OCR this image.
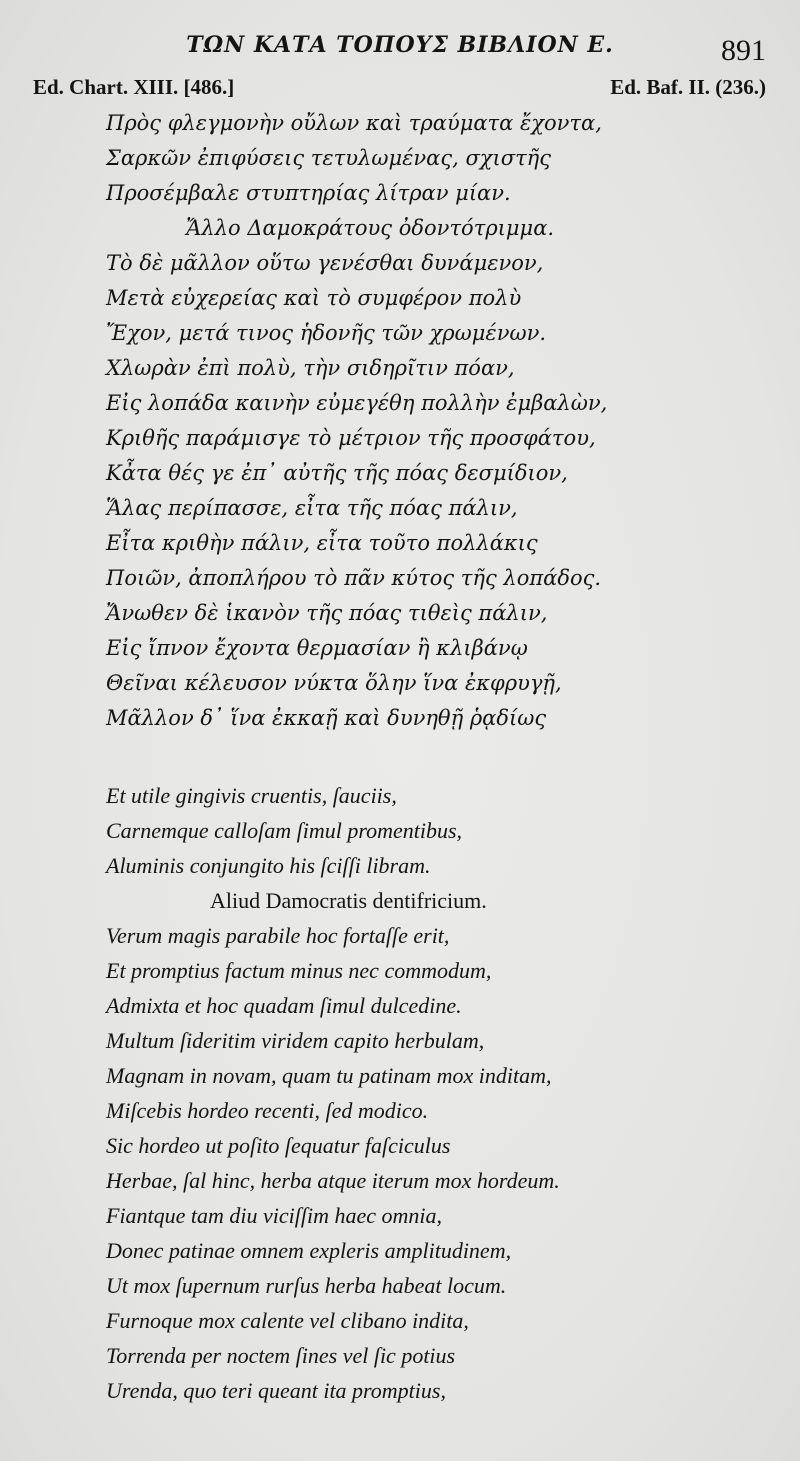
ΤΩΝ ΚΑΤΑ ΤΟΠΟΥΣ ΒΙΒΛΙΟΝ Ε.	891
Ed. Chart. XIII. [486.]	Ed. Baf. II. (236.)
Πρὸς φλεγμονὴν οὔλων καὶ τραύματα ἔχοντα,
Σαρκῶν ἐπιφύσεις τετυλωμένας, σχιστῆς
Προσέμβαλε στυπτηρίας λίτραν μίαν.
Ἄλλο Δαμοκράτους ὀδοντότριμμα.
Τὸ δὲ μᾶλλον οὕτω γενέσθαι δυνάμενον,
Μετὰ εὐχερείας καὶ τὸ συμφέρον πολὺ
Ἔχον, μετά τινος ἡδονῆς τῶν χρωμένων.
Χλωρὰν ἐπὶ πολὺ, τὴν σιδηρῖτιν πόαν,
Εἰς λοπάδα καινὴν εὐμεγέθη πολλὴν ἐμβαλὼν,
Κριθῆς παράμισγε τὸ μέτριον τῆς προσφάτου,
Κἆτα θές γε ἐπ᾽ αὐτῆς τῆς πόας δεσμίδιον,
Ἅλας περίπασσε, εἶτα τῆς πόας πάλιν,
Εἶτα κριθὴν πάλιν, εἶτα τοῦτο πολλάκις
Ποιῶν, ἀποπλήρου τὸ πᾶν κύτος τῆς λοπάδος.
Ἄνωθεν δὲ ἱκανὸν τῆς πόας τιθεὶς πάλιν,
Εἰς ἴπνον ἔχοντα θερμασίαν ἢ κλιβάνῳ
Θεῖναι κέλευσον νύκτα ὅλην ἵνα ἐκφρυγῇ,
Μᾶλλον δ᾽ ἵνα ἐκκαῇ καὶ δυνηθῇ ῥᾳδίως
Et utile gingivis cruentis, ſauciis,
Carnemque calloſam ſimul promentibus,
Aluminis conjungito his ſciſſi libram.
Aliud Damocratis dentifricium.
Verum magis parabile hoc fortaſſe erit,
Et promptius factum minus nec commodum,
Admixta et hoc quadam ſimul dulcedine.
Multum ſideritim viridem capito herbulam,
Magnam in novam, quam tu patinam mox inditam,
Miſcebis hordeo recenti, ſed modico.
Sic hordeo ut poſito ſequatur faſciculus
Herbae, ſal hinc, herba atque iterum mox hordeum.
Fiantque tam diu viciſſim haec omnia,
Donec patinae omnem expleris amplitudinem,
Ut mox ſupernum rurſus herba habeat locum.
Furnoque mox calente vel clibano indita,
Torrenda per noctem ſines vel ſic potius
Urenda, quo teri queant ita promptius,
